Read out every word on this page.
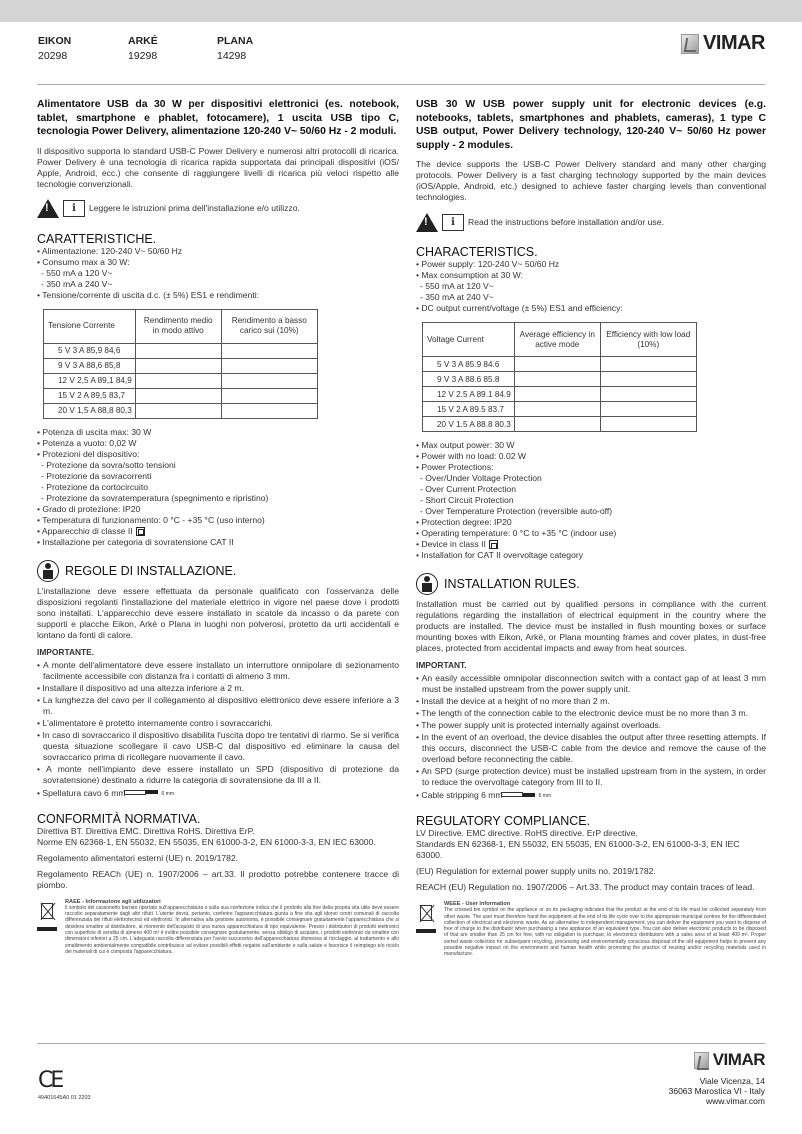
EIKON
20298
ARKÉ
19298
PLANA
14298
VIMAR
Alimentatore USB da 30 W per dispositivi elettronici (es. notebook, tablet, smartphone e phablet, fotocamere), 1 uscita USB tipo C, tecnologia Power Delivery, alimentazione 120-240 V~ 50/60 Hz - 2 moduli.
Il dispositivo supporta lo standard USB-C Power Delivery e numerosi altri protocolli di ricarica. Power Delivery è una tecnologia di ricarica rapida supportata dai principali dispositivi (iOS/ Apple, Android, ecc.) che consente di raggiungere livelli di ricarica più veloci rispetto alle tecnologie convenzionali.
!
i	Leggere le istruzioni prima dell'installazione e/o utilizzo.
CARATTERISTICHE.
• Alimentazione: 120-240 V~ 50/60 Hz
• Consumo max a 30 W:
- 550 mA a 120 V~
- 350 mA a 240 V~
• Tensione/corrente di uscita d.c. (± 5%) ES1 e rendimenti:
Tensione Corrente	Rendimento medio in modo attivo	Rendimento a basso carico sui (10%)
5 V 3 A 85,9 84,6		
9 V 3 A 88,6 85,8		
12 V 2,5 A 89,1 84,9		
15 V 2 A 89,5 83,7		
20 V 1,5 A 88,8 80,3		
• Potenza di uscita max: 30 W
• Potenza a vuoto: 0,02 W
• Protezioni del dispositivo:
- Protezione da sovra/sotto tensioni
- Protezione da sovracorrenti
- Protezione da cortocircuito
- Protezione da sovratemperatura (spegnimento e ripristino)
• Grado di protezione: IP20
• Temperatura di funzionamento: 0 °C - +35 °C (uso interno)
• Apparecchio di classe II
• Installazione per categoria di sovratensione CAT II
REGOLE DI INSTALLAZIONE.
L'installazione deve essere effettuata da personale qualificato con l'osservanza delle disposizioni regolanti l'installazione del materiale elettrico in vigore nel paese dove i prodotti sono installati. L'apparecchio deve essere installato in scatole da incasso o da parete con supporti e placche Eikon, Arké o Plana in luoghi non polverosi, protetto da urti accidentali e lontano da fonti di calore.
IMPORTANTE.
• A monte dell'alimentatore deve essere installato un interruttore onnipolare di sezionamento facilmente accessibile con distanza fra i contatti di almeno 3 mm.
• Installare il dispositivo ad una altezza inferiore a 2 m.
• La lunghezza del cavo per il collegamento al dispositivo elettronico deve essere inferiore a 3 m.
• L'alimentatore è protetto internamente contro i sovraccarichi.
• In caso di sovraccarico il dispositivo disabilita l'uscita dopo tre tentativi di riarmo. Se si verifica questa situazione scollegare il cavo USB-C dal dispositivo ed eliminare la causa del sovraccarico prima di ricollegare nuovamente il cavo.
• A monte nell'impianto deve essere installato un SPD (dispositivo di protezione da sovratensione) destinato a ridurre la categoria di sovratensione da III a II.
• Spellatura cavo 6 mm	6 mm
CONFORMITÀ NORMATIVA.
Direttiva BT. Direttiva EMC. Direttiva RoHS. Direttiva ErP.
Norme EN 62368-1, EN 55032, EN 55035, EN 61000-3-2, EN 61000-3-3, EN IEC 63000.
Regolamento alimentatori esterni (UE) n. 2019/1782.
Regolamento REACh (UE) n. 1907/2006 – art.33. Il prodotto potrebbe contenere tracce di piombo.
RAEE - Informazione agli utilizzatori
Il simbolo del cassonetto barrato riportato sull'apparecchiatura o sulla sua confezione indica che il prodotto alla fine della propria vita utile deve essere raccolto separatamente dagli altri rifiuti. L'utente dovrà, pertanto, conferire l'apparecchiatura giunta a fine vita agli idonei centri comunali di raccolta differenziata dei rifiuti elettrotecnici ed elettronici. In alternativa alla gestione autonoma, è possibile consegnare gratuitamente l'apparecchiatura che si desidera smaltire al distributore, al momento dell'acquisto di una nuova apparecchiatura di tipo equivalente. Presso i distributori di prodotti elettronici con superficie di vendita di almeno 400 m² è inoltre possibile consegnare gratuitamente, senza obbligo di acquisto, i prodotti elettronici da smaltire con dimensioni inferiori a 25 cm. L'adeguata raccolta differenziata per l'avvio successivo dell'apparecchiatura dismessa al riciclaggio, al trattamento e allo smaltimento ambientalmente compatibile contribuisce ad evitare possibili effetti negativi sull'ambiente e sulla salute e favorisce il reimpiego e/o riciclo dei materiali di cui è composta l'apparecchiatura.
USB 30 W USB power supply unit for electronic devices (e.g. notebooks, tablets, smartphones and phablets, cameras), 1 type C USB output, Power Delivery technology, 120-240 V~ 50/60 Hz power supply - 2 modules.
The device supports the USB-C Power Delivery standard and many other charging protocols. Power Delivery is a fast charging technology supported by the main devices (iOS/Apple, Android, etc.) designed to achieve faster charging levels than conventional technologies.
!
i	Read the instructions before installation and/or use.
CHARACTERISTICS.
• Power supply: 120-240 V~ 50/60 Hz
• Max consumption at 30 W:
- 550 mA at 120 V~
- 350 mA at 240 V~
• DC output current/voltage (± 5%) ES1 and efficiency:
Voltage Current	Average efficiency in active mode	Efficiency with low load (10%)
5 V 3 A 85.9 84.6		
9 V 3 A 88.6 85.8		
12 V 2.5 A 89.1 84.9		
15 V 2 A 89.5 83.7		
20 V 1.5 A 88.8 80.3		
• Max output power: 30 W
• Power with no load: 0.02 W
• Power Protections:
- Over/Under Voltage Protection
- Over Current Protection
- Short Circuit Protection
- Over Temperature Protection (reversible auto-off)
• Protection degree: IP20
• Operating temperature: 0 °C to +35 °C (indoor use)
• Device in class II
• Installation for CAT II overvoltage category
INSTALLATION RULES.
Installation must be carried out by qualified persons in compliance with the current regulations regarding the installation of electrical equipment in the country where the products are installed. The device must be installed in flush mounting boxes or surface mounting boxes with Eikon, Arké, or Plana mounting frames and cover plates, in dust-free places, protected from accidental impacts and away from heat sources.
IMPORTANT.
• An easily accessible omnipolar disconnection switch with a contact gap of at least 3 mm must be installed upstream from the power supply unit.
• Install the device at a height of no more than 2 m.
• The length of the connection cable to the electronic device must be no more than 3 m.
• The power supply unit is protected internally against overloads.
• In the event of an overload, the device disables the output after three resetting attempts. If this occurs, disconnect the USB-C cable from the device and remove the cause of the overload before reconnecting the cable.
• An SPD (surge protection device) must be installed upstream from in the system, in order to reduce the overvoltage category from III to II.
• Cable stripping 6 mm	6 mm
REGULATORY COMPLIANCE.
LV Directive. EMC directive. RoHS directive. ErP directive.
Standards EN 62368-1, EN 55032, EN 55035, EN 61000-3-2, EN 61000-3-3, EN IEC 63000.
(EU) Regulation for external power supply units no. 2019/1782.
REACH (EU) Regulation no. 1907/2006 – Art.33. The product may contain traces of lead.
WEEE - User information
The crossed bin symbol on the appliance or on its packaging indicates that the product at the end of its life must be collected separately from other waste. The user must therefore hand the equipment at the end of its life cycle over to the appropriate municipal centres for the differentiated collection of electrical and electronic waste. As an alternative to independent management, you can deliver the equipment you want to dispose of free of charge to the distributor when purchasing a new appliance of an equivalent type. You can also deliver electronic products to be disposed of that are smaller than 25 cm for free, with no obligation to purchase, to electronics distributors with a sales area of at least 400 m². Proper sorted waste collection for subsequent recycling, processing and environmentally conscious disposal of the old equipment helps to prevent any possible negative impact on the environment and human health while promoting the practice of reusing and/or recycling materials used in manufacture.
CE
49401645A0 01 2203
VIMAR
Viale Vicenza, 14
36063 Marostica VI - Italy
www.vimar.com
